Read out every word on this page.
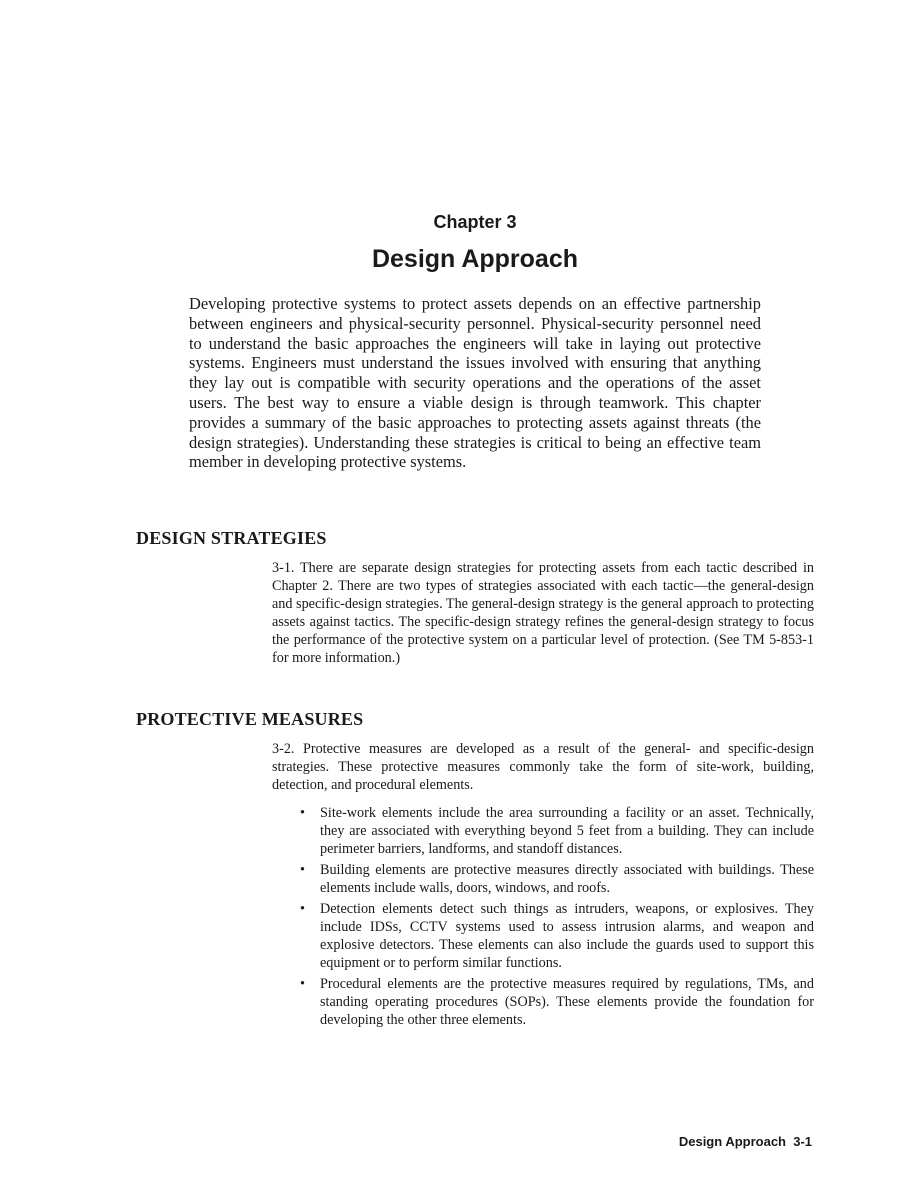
Chapter 3
Design Approach

Developing protective systems to protect assets depends on an effective partnership between engineers and physical-security personnel. Physical-security personnel need to understand the basic approaches the engineers will take in laying out protective systems. Engineers must understand the issues involved with ensuring that anything they lay out is compatible with security operations and the operations of the asset users. The best way to ensure a viable design is through teamwork. This chapter provides a summary of the basic approaches to protecting assets against threats (the design strategies). Understanding these strategies is critical to being an effective team member in developing protective systems.

DESIGN STRATEGIES

3-1. There are separate design strategies for protecting assets from each tactic described in Chapter 2. There are two types of strategies associated with each tactic—the general-design and specific-design strategies. The general-design strategy is the general approach to protecting assets against tactics. The specific-design strategy refines the general-design strategy to focus the performance of the protective system on a particular level of protection. (See TM 5-853-1 for more information.)

PROTECTIVE MEASURES

3-2. Protective measures are developed as a result of the general- and specific-design strategies. These protective measures commonly take the form of site-work, building, detection, and procedural elements.

• Site-work elements include the area surrounding a facility or an asset. Technically, they are associated with everything beyond 5 feet from a building. They can include perimeter barriers, landforms, and standoff distances.
• Building elements are protective measures directly associated with buildings. These elements include walls, doors, windows, and roofs.
• Detection elements detect such things as intruders, weapons, or explosives. They include IDSs, CCTV systems used to assess intrusion alarms, and weapon and explosive detectors. These elements can also include the guards used to support this equipment or to perform similar functions.
• Procedural elements are the protective measures required by regulations, TMs, and standing operating procedures (SOPs). These elements provide the foundation for developing the other three elements.
Design Approach  3-1
